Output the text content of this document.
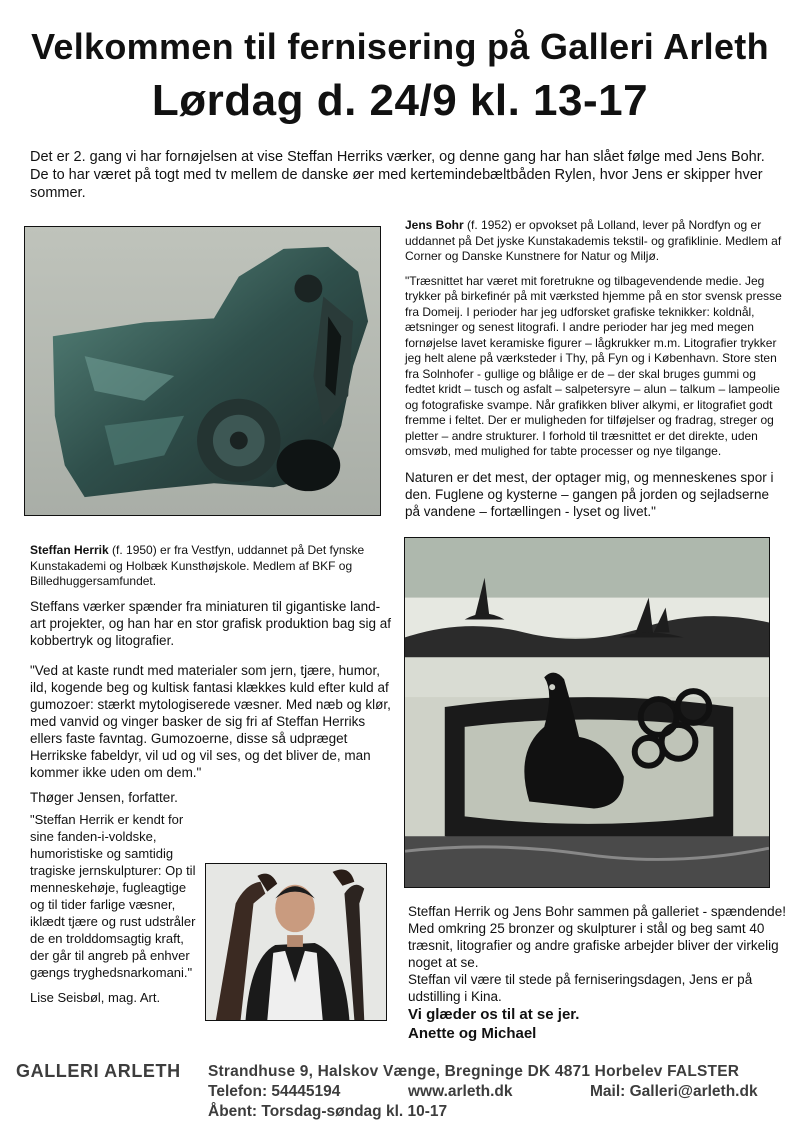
Velkommen til fernisering på Galleri Arleth
Lørdag d. 24/9 kl. 13-17
Det er 2. gang vi har fornøjelsen at vise Steffan Herriks værker, og denne gang har han slået følge med Jens Bohr. De to har været på togt med tv mellem de danske øer med kertemindebæltbåden Rylen, hvor Jens er skipper hver sommer.

Jens Bohr (f. 1952) er opvokset på Lolland, lever på Nordfyn og er uddannet på Det jyske Kunstakademis tekstil- og grafiklinie. Medlem af Corner og Danske Kunstnere for Natur og Miljø.

"Træsnittet har været mit foretrukne og tilbagevendende medie. Jeg trykker på birkefinér på mit værksted hjemme på en stor svensk presse fra Domeij. I perioder har jeg udforsket grafiske teknikker: koldnål, ætsninger og senest litografi. I andre perioder har jeg med megen fornøjelse lavet keramiske figurer – lågkrukker m.m. Litografier trykker jeg helt alene på værksteder i Thy, på Fyn og i København. Store sten fra Solnhofer - gullige og blålige er de – der skal bruges gummi og fedtet kridt – tusch og asfalt – salpetersyre – alun – talkum – lampeolie og fotografiske svampe. Når grafikken bliver alkymi, er litografiet godt fremme i feltet. Der er muligheden for tilføjelser og fradrag, streger og pletter – andre strukturer. I forhold til træsnittet er det direkte, uden omsvøb, med mulighed for tabte processer og nye tilgange.

Naturen er det mest, der optager mig, og menneskenes spor i den. Fuglene og kysterne – gangen på jorden og sejladserne på vandene – fortællingen - lyset og livet."

Steffan Herrik (f. 1950) er fra Vestfyn, uddannet på Det fynske Kunstakademi og Holbæk Kunsthøjskole. Medlem af BKF og Billedhuggersamfundet.

Steffans værker spænder fra miniaturen til gigantiske land-art projekter, og han har en stor grafisk produktion bag sig af kobbertryk og litografier.

"Ved at kaste rundt med materialer som jern, tjære, humor, ild, kogende beg og kultisk fantasi klækkes kuld efter kuld af gumozoer: stærkt mytologiserede væsner. Med næb og klør, med vanvid og vinger basker de sig fri af Steffan Herriks ellers faste favntag. Gumozoerne, disse så udpræget Herrikske fabeldyr, vil ud og vil ses, og det bliver de, man kommer ikke uden om dem."

Thøger Jensen, forfatter.

"Steffan Herrik er kendt for sine fanden-i-voldske, humoristiske og samtidig tragiske jernskulpturer: Op til menneskehøje, fugleagtige og til tider farlige væsner, iklædt tjære og rust udstråler de en trolddomsagtig kraft, der går til angreb på enhver gængs tryghedsnarkomani."

Lise Seisbøl, mag. Art.

Steffan Herrik og Jens Bohr sammen på galleriet - spændende! Med omkring 25 bronzer og skulpturer i stål og beg samt 40 træsnit, litografier og andre grafiske arbejder bliver der virkelig noget at se.

Steffan vil være til stede på ferniseringsdagen, Jens er på udstilling i Kina.

Vi glæder os til at se jer.

Anette og Michael

GALLERI ARLETH Strandhuse 9, Halskov Vænge, Bregninge DK 4871 Horbelev FALSTER
Telefon: 54445194	www.arleth.dk	Mail: Galleri@arleth.dk
Åbent: Torsdag-søndag kl. 10-17
